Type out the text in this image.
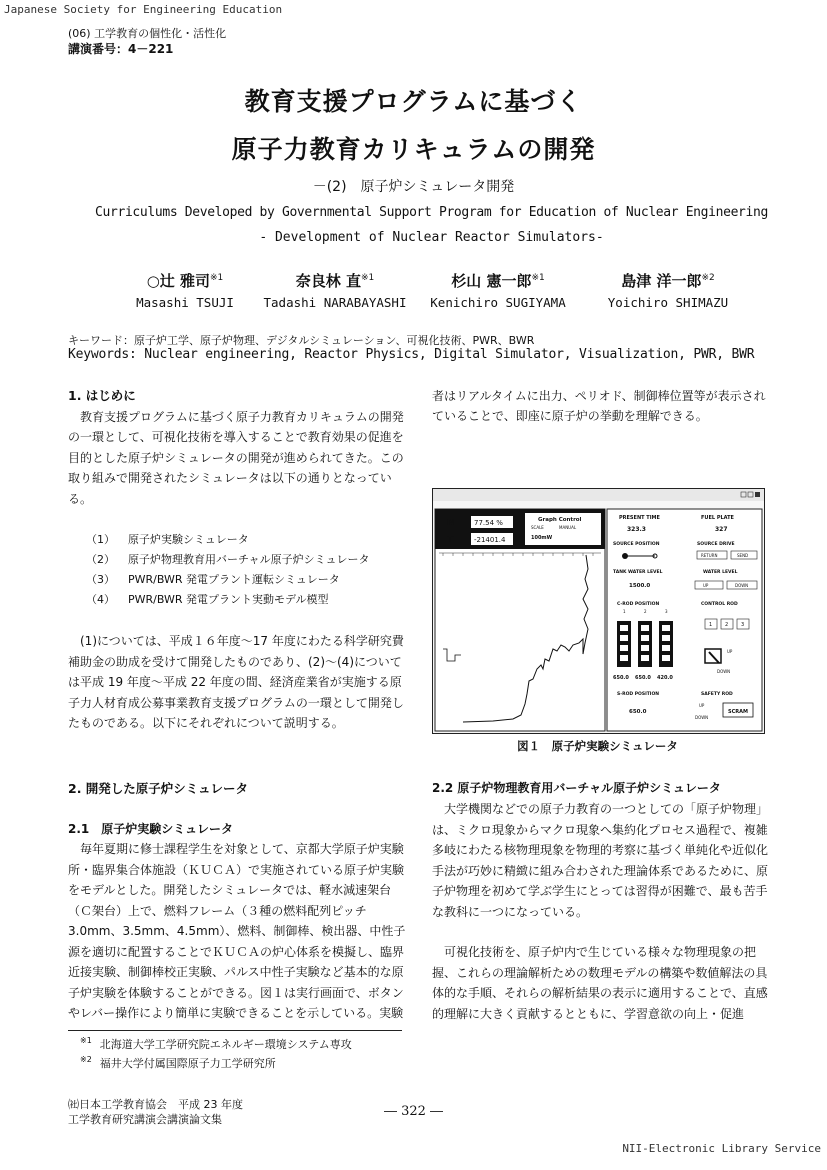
Japanese Society for Engineering Education
(06) 工学教育の個性化・活性化
講演番号：4－221
教育支援プログラムに基づく
原子力教育カリキュラムの開発
－(2)　原子炉シミュレータ開発
Curriculums Developed by Governmental Support Program for Education of Nuclear Engineering
- Development of Nuclear Reactor Simulators-
○辻 雅司$^{※1}$
Masashi TSUJI
奈良林 直$^{※1}$
Tadashi NARABAYASHI
杉山 憲一郎$^{※1}$
Kenichiro SUGIYAMA
島津 洋一郎$^{※2}$
Yoichiro SHIMAZU
キーワード：原子炉工学、原子炉物理、デジタルシミュレーション、可視化技術、PWR、BWR
Keywords: Nuclear engineering, Reactor Physics, Digital Simulator, Visualization, PWR, BWR
1. はじめに

教育支援プログラムに基づく原子力教育カリキュラムの開発の一環として、可視化技術を導入することで教育効果の促進を目的とした原子炉シミュレータの開発が進められてきた。この取り組みで開発されたシミュレータは以下の通りとなっている。

（1） 原子炉実験シミュレータ
（2） 原子炉物理教育用バーチャル原子炉シミュレータ
（3） PWR/BWR 発電プラント運転シミュレータ
（4） PWR/BWR 発電プラント実動モデル模型

(1)については、平成１６年度～17 年度にわたる科学研究費補助金の助成を受けて開発したものであり、(2)～(4)については平成 19 年度～平成 22 年度の間、経済産業省が実施する原子力人材育成公募事業教育支援プログラムの一環として開発したものである。以下にそれぞれについて説明する。

2. 開発した原子炉シミュレータ
2.1　原子炉実験シミュレータ

毎年夏期に修士課程学生を対象として、京都大学原子炉実験所・臨界集合体施設（ＫＵＣＡ）で実施されている原子炉実験をモデルとした。開発したシミュレータでは、軽水減速架台（Ｃ架台）上で、燃料フレーム（３種の燃料配列ピッチ 3.0mm、3.5mm、4.5mm）、燃料、制御棒、検出器、中性子源を適切に配置することでＫＵＣＡの炉心体系を模擬し、臨界近接実験、制御棒校正実験、パルス中性子実験など基本的な原子炉実験を体験することができる。図１は実行画面で、ボタンやレバー操作により簡単に実験できることを示している。実験

者はリアルタイムに出力、ペリオド、制御棒位置等が表示されていることで、即座に原子炉の挙動を理解できる。

N = 77.54 %
T = -21401.4
Graph Control
SCALE	MANUAL
100mW
PRESENT TIME
323.3
FUEL PLATE
327
SOURCE POSITION	SOURCE DRIVE
RETURN	SEND
TANK WATER LEVEL
1500.0
WATER LEVEL
UP	DOWN
C-ROD POSITION	CONTROL ROD
1	2	3
650.0 650.0 420.0
1	2	3
UP
DOWN
S-ROD POSITION
650.0
SAFETY ROD
UP
DOWN
SCRAM
図１　原子炉実験シミュレータ
2.2 原子炉物理教育用バーチャル原子炉シミュレータ

大学機関などでの原子力教育の一つとしての「原子炉物理」は、ミクロ現象からマクロ現象へ集約化プロセス過程で、複雑多岐にわたる核物理現象を物理的考察に基づく単純化や近似化手法が巧妙に精緻に組み合わされた理論体系であるために、原子炉物理を初めて学ぶ学生にとっては習得が困難で、最も苦手な教科に一つになっている。

可視化技術を、原子炉内で生じている様々な物理現象の把握、これらの理論解析ための数理モデルの構築や数値解法の具体的な手順、それらの解析結果の表示に適用することで、直感的理解に大きく貢献するとともに、学習意欲の向上・促進

$^{※1}$ 北海道大学工学研究院エネルギー環境システム専攻
$^{※2}$ 福井大学付属国際原子力工学研究所
㈳日本工学教育協会　平成 23 年度
工学教育研究講演会講演論文集
― 322 ―
NII-Electronic Library Service
